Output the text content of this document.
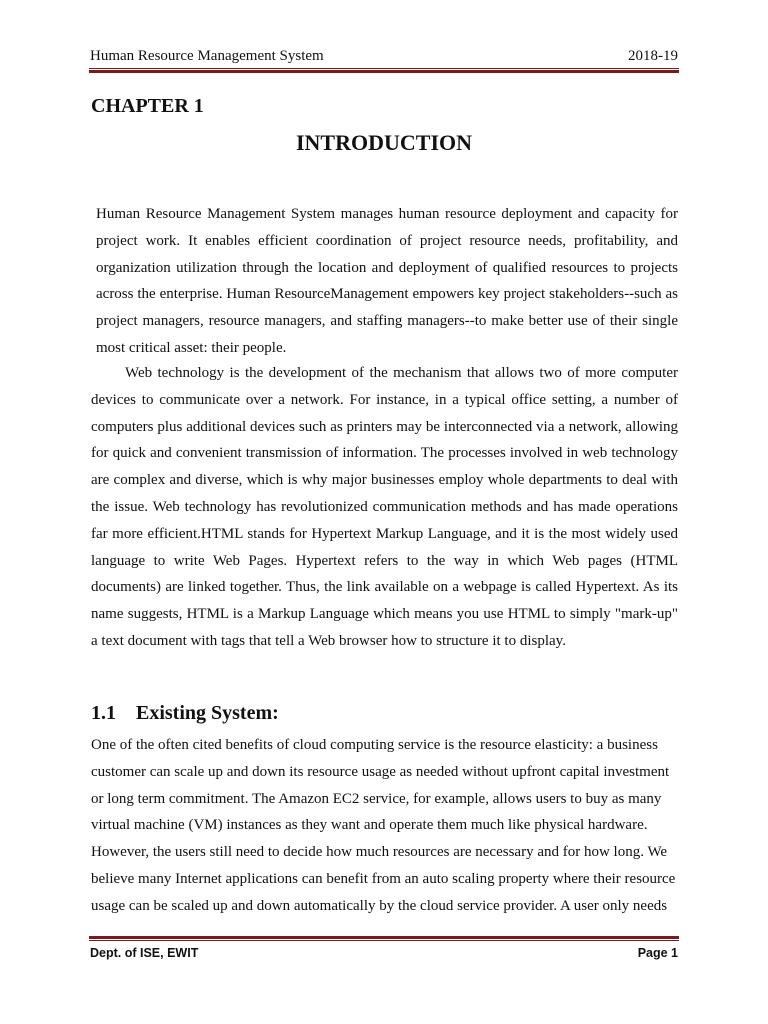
Human Resource Management System	2018-19
CHAPTER 1
INTRODUCTION

Human Resource Management System manages human resource deployment and capacity for project work. It enables efficient coordination of project resource needs, profitability, and organization utilization through the location and deployment of qualified resources to projects across the enterprise. Human ResourceManagement empowers key project stakeholders--such as project managers, resource managers, and staffing managers--to make better use of their single most critical asset: their people.

Web technology is the development of the mechanism that allows two of more computer devices to communicate over a network. For instance, in a typical office setting, a number of computers plus additional devices such as printers may be interconnected via a network, allowing for quick and convenient transmission of information. The processes involved in web technology are complex and diverse, which is why major businesses employ whole departments to deal with the issue. Web technology has revolutionized communication methods and has made operations far more efficient.HTML stands for Hypertext Markup Language, and it is the most widely used language to write Web Pages. Hypertext refers to the way in which Web pages (HTML documents) are linked together. Thus, the link available on a webpage is called Hypertext. As its name suggests, HTML is a Markup Language which means you use HTML to simply "mark-up" a text document with tags that tell a Web browser how to structure it to display.

1.1 Existing System:

One of the often cited benefits of cloud computing service is the resource elasticity: a business customer can scale up and down its resource usage as needed without upfront capital investment or long term commitment. The Amazon EC2 service, for example, allows users to buy as many virtual machine (VM) instances as they want and operate them much like physical hardware. However, the users still need to decide how much resources are necessary and for how long. We believe many Internet applications can benefit from an auto scaling property where their resource usage can be scaled up and down automatically by the cloud service provider. A user only needs

Dept. of ISE, EWIT	Page 1
